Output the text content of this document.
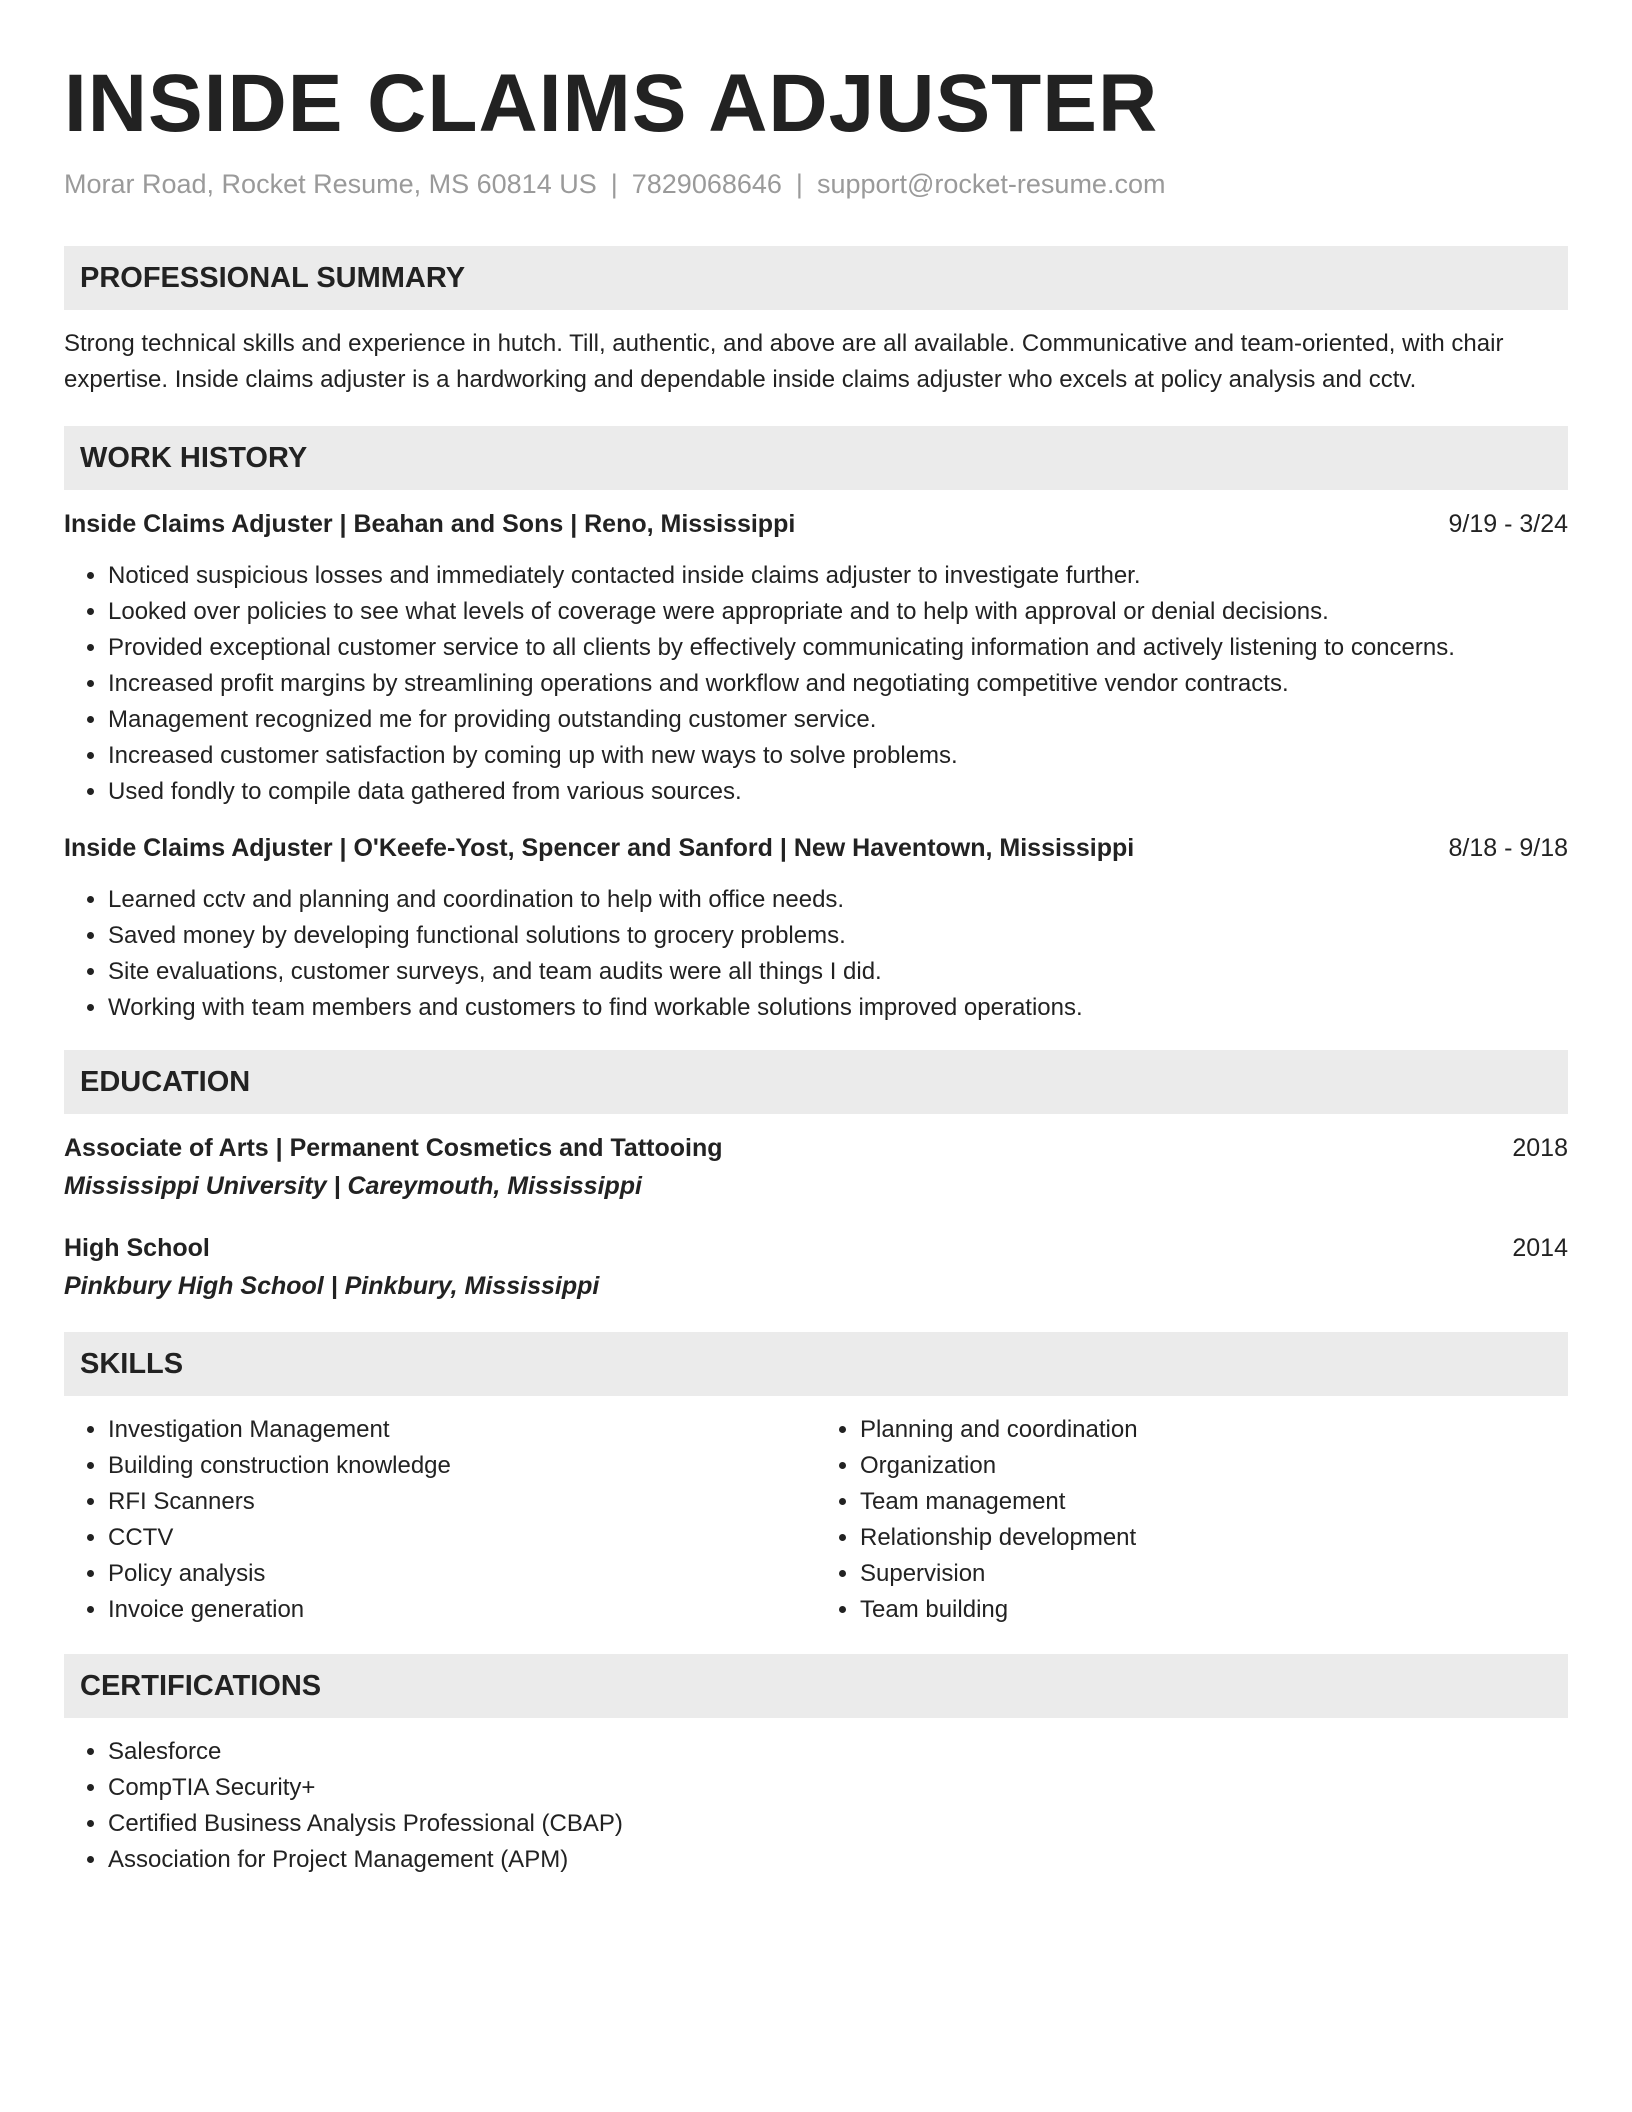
INSIDE CLAIMS ADJUSTER
Morar Road, Rocket Resume, MS 60814 US | 7829068646 | support@rocket-resume.com
PROFESSIONAL SUMMARY

Strong technical skills and experience in hutch. Till, authentic, and above are all available. Communicative and team-oriented, with chair expertise. Inside claims adjuster is a hardworking and dependable inside claims adjuster who excels at policy analysis and cctv.

WORK HISTORY
Inside Claims Adjuster | Beahan and Sons | Reno, Mississippi	9/19 - 3/24
• Noticed suspicious losses and immediately contacted inside claims adjuster to investigate further.
• Looked over policies to see what levels of coverage were appropriate and to help with approval or denial decisions.
• Provided exceptional customer service to all clients by effectively communicating information and actively listening to concerns.
• Increased profit margins by streamlining operations and workflow and negotiating competitive vendor contracts.
• Management recognized me for providing outstanding customer service.
• Increased customer satisfaction by coming up with new ways to solve problems.
• Used fondly to compile data gathered from various sources.
Inside Claims Adjuster | O'Keefe-Yost, Spencer and Sanford | New Haventown, Mississippi	8/18 - 9/18
• Learned cctv and planning and coordination to help with office needs.
• Saved money by developing functional solutions to grocery problems.
• Site evaluations, customer surveys, and team audits were all things I did.
• Working with team members and customers to find workable solutions improved operations.
EDUCATION
Associate of Arts | Permanent Cosmetics and Tattooing	2018
Mississippi University | Careymouth, Mississippi
High School	2014
Pinkbury High School | Pinkbury, Mississippi
SKILLS
• Investigation Management
• Building construction knowledge
• RFI Scanners
• CCTV
• Policy analysis
• Invoice generation
• Planning and coordination
• Organization
• Team management
• Relationship development
• Supervision
• Team building
CERTIFICATIONS
• Salesforce
• CompTIA Security+
• Certified Business Analysis Professional (CBAP)
• Association for Project Management (APM)
